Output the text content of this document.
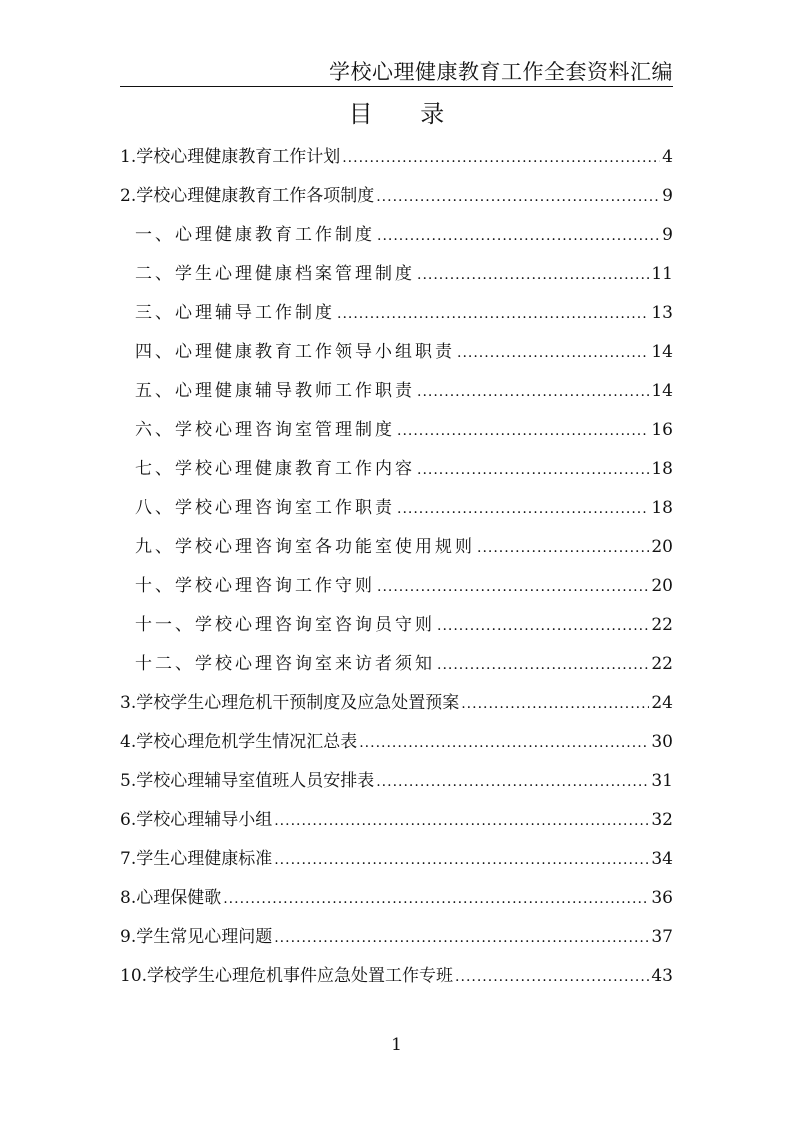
学校心理健康教育工作全套资料汇编
目 录
1.学校心理健康教育工作计划 .....	4
2.学校心理健康教育工作各项制度 .....	9
一、心理健康教育工作制度 .....	9
二、学生心理健康档案管理制度 .....	11
三、心理辅导工作制度 .....	13
四、心理健康教育工作领导小组职责 .....	14
五、心理健康辅导教师工作职责 .....	14
六、学校心理咨询室管理制度 .....	16
七、学校心理健康教育工作内容 .....	18
八、学校心理咨询室工作职责 .....	18
九、学校心理咨询室各功能室使用规则 .....	20
十、学校心理咨询工作守则 .....	20
十一、学校心理咨询室咨询员守则 .....	22
十二、学校心理咨询室来访者须知 .....	22
3.学校学生心理危机干预制度及应急处置预案 .....	24
4.学校心理危机学生情况汇总表 .....	30
5.学校心理辅导室值班人员安排表 .....	31
6.学校心理辅导小组 .....	32
7.学生心理健康标准 .....	34
8.心理保健歌 .....	36
9.学生常见心理问题 .....	37
10.学校学生心理危机事件应急处置工作专班 .....	43
1
